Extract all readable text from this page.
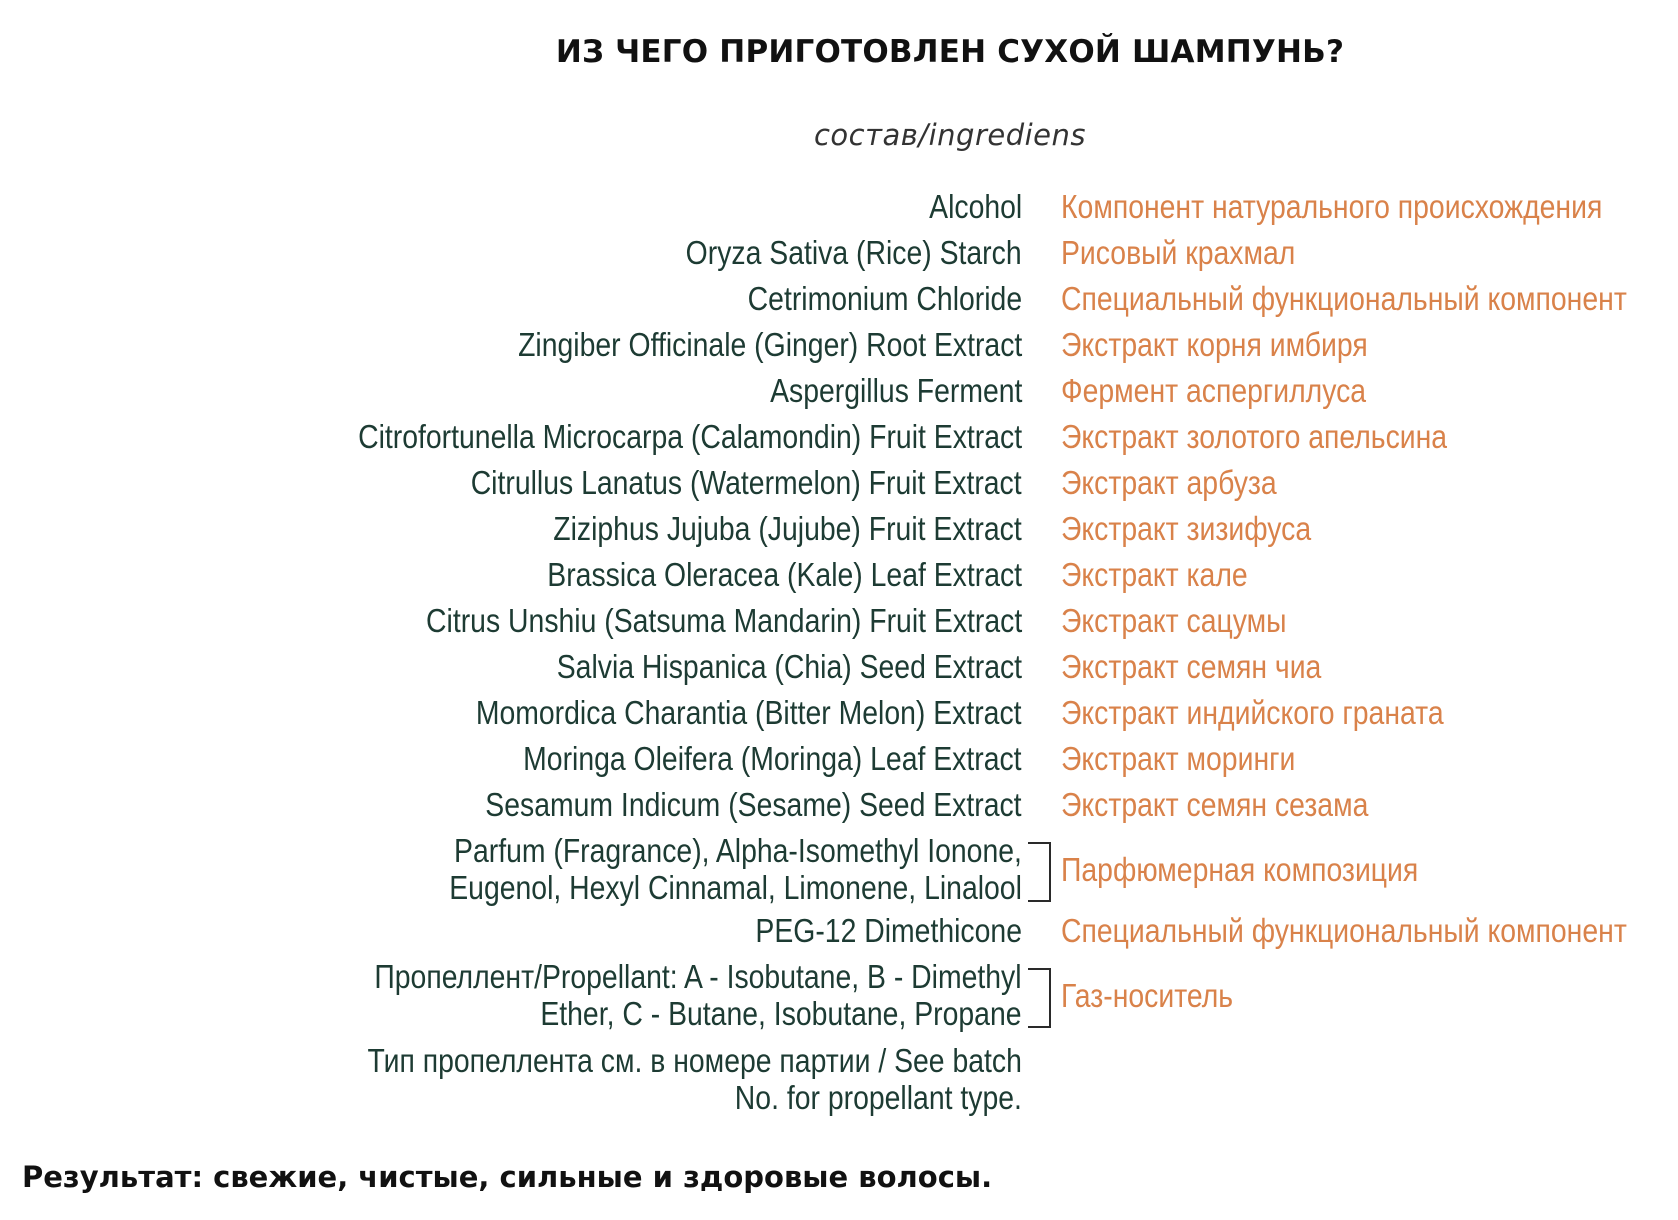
ИЗ ЧЕГО ПРИГОТОВЛЕН СУХОЙ ШАМПУНЬ?
состав/ingrediens
Alcohol Компонент натурального происхождения
Oryza Sativa (Rice) Starch Рисовый крахмал
Cetrimonium Chloride Специальный функциональный компонент
Zingiber Officinale (Ginger) Root Extract Экстракт корня имбиря
Aspergillus Ferment Фермент аспергиллуса
Citrofortunella Microcarpa (Calamondin) Fruit Extract Экстракт золотого апельсина
Citrullus Lanatus (Watermelon) Fruit Extract Экстракт арбуза
Ziziphus Jujuba (Jujube) Fruit Extract Экстракт зизифуса
Brassica Oleracea (Kale) Leaf Extract Экстракт кале
Citrus Unshiu (Satsuma Mandarin) Fruit Extract Экстракт сацумы
Salvia Hispanica (Chia) Seed Extract Экстракт семян чиа
Momordica Charantia (Bitter Melon) Extract Экстракт индийского граната
Moringa Oleifera (Moringa) Leaf Extract Экстракт моринги
Sesamum Indicum (Sesame) Seed Extract Экстракт семян сезама
Parfum (Fragrance), Alpha-Isomethyl Ionone,
Eugenol, Hexyl Cinnamal, Limonene, Linalool Парфюмерная композиция
PEG-12 Dimethicone Специальный функциональный компонент
Пропеллент/Propellant: A - Isobutane, B - Dimethyl
Ether, C - Butane, Isobutane, Propane Газ-носитель
Тип пропеллента см. в номере партии / See batch
No. for propellant type.
Результат: свежие, чистые, сильные и здоровые волосы.
